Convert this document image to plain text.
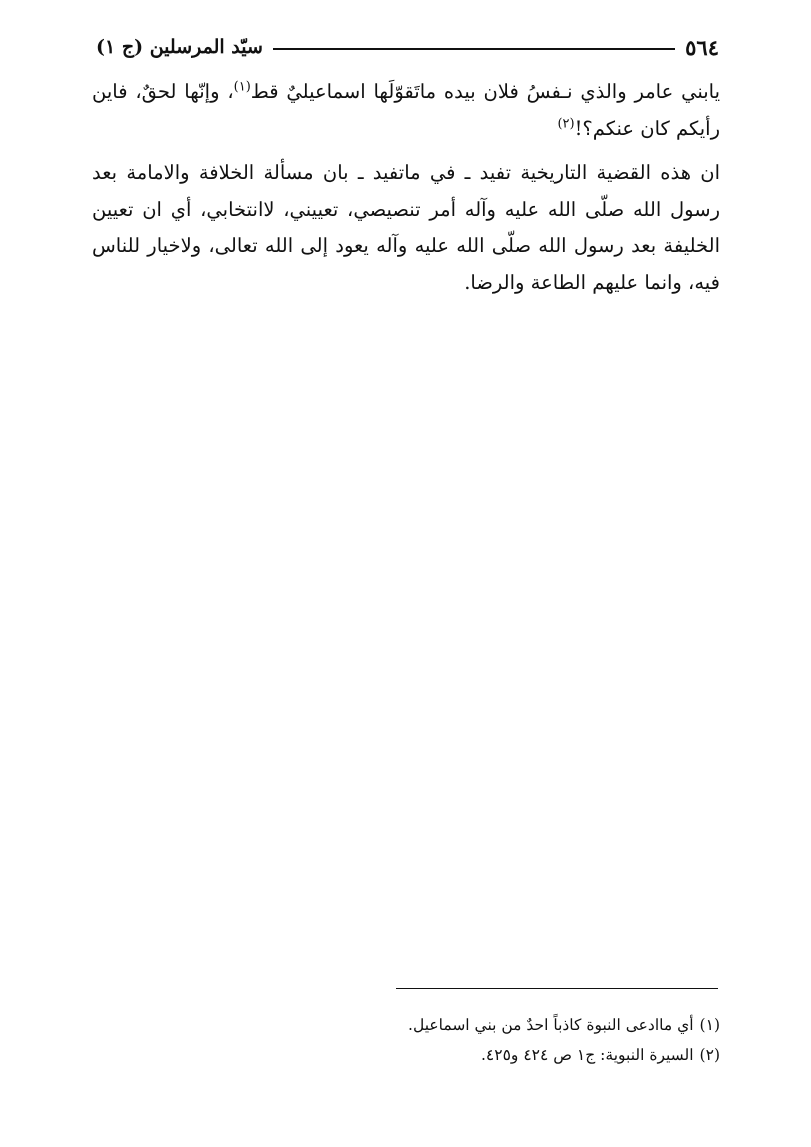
٥٦٤
سيّد المرسلين (ج ١)

يابني عامر والذي نـفسُ فلان بيده ماتَقوّلَها اسماعيليٌ قط$^{(١)}$، وإنّها لحقٌ، فاين رأيكم كان عنكم؟!$^{(٢)}$

ان هذه القضية التاريخية تفيد ـ في ماتفيد ـ بان مسألة الخلافة والامامة بعد رسول الله صلّى الله عليه وآله أمر تنصيصي، تعييني، لاانتخابي، أي ان تعيين الخليفة بعد رسول الله صلّى الله عليه وآله يعود إلى الله تعالى، ولاخيار للناس فيه، وانما عليهم الطاعة والرضا.

(١)أي ماادعى النبوة كاذباً احدٌ من بني اسماعيل.
(٢)السيرة النبوية: ج١ ص ٤٢٤ و٤٢٥.
